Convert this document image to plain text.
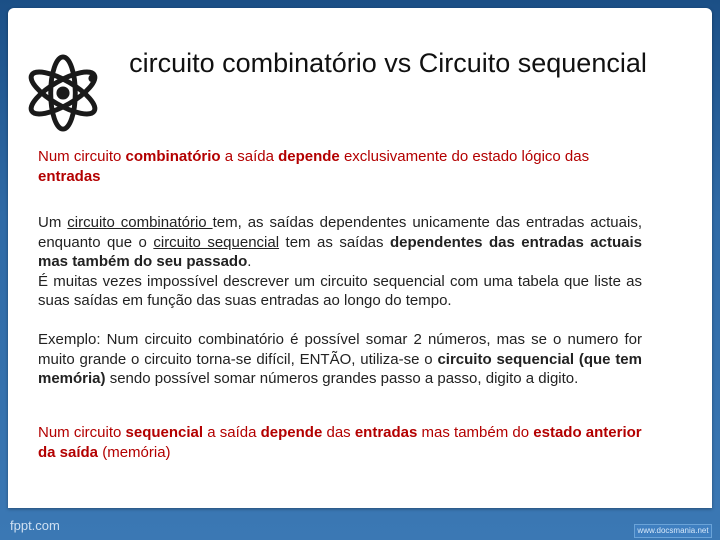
circuito combinatório vs Circuito sequencial
Num circuito combinatório a saída depende exclusivamente do estado lógico das entradas
Um circuito combinatório tem, as saídas dependentes unicamente das entradas actuais, enquanto que o circuito sequencial tem as saídas dependentes das entradas actuais mas também do seu passado.
É muitas vezes impossível descrever um circuito sequencial com uma tabela que liste as suas saídas em função das suas entradas ao longo do tempo.
Exemplo: Num circuito combinatório é possível somar 2 números, mas se o numero for muito grande o circuito torna-se difícil, ENTÃO, utiliza-se o circuito sequencial (que tem memória) sendo possível somar números grandes passo a passo, digito a digito.
Num circuito sequencial a saída depende das entradas mas também do estado anterior da saída (memória)
fppt.com	www.docsmania.net
